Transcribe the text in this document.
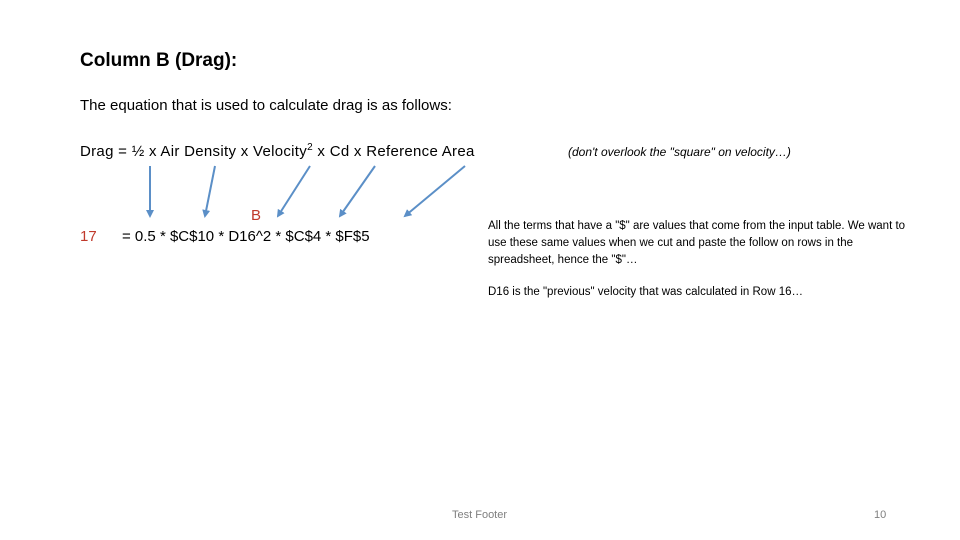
Column B (Drag):
The equation that is used to calculate drag is as follows:
Drag = ½ x Air Density x Velocity$^2$ x Cd x Reference Area	(don't overlook the "square" on velocity…)
17
B
= 0.5 * $C$10 * D16^2 * $C$4 * $F$5
All the terms that have a "$" are values that come from the input table. We want to use these same values when we cut and paste the follow on rows in the spreadsheet, hence the "$"…
D16 is the "previous" velocity that was calculated in Row 16…
Test Footer	10
